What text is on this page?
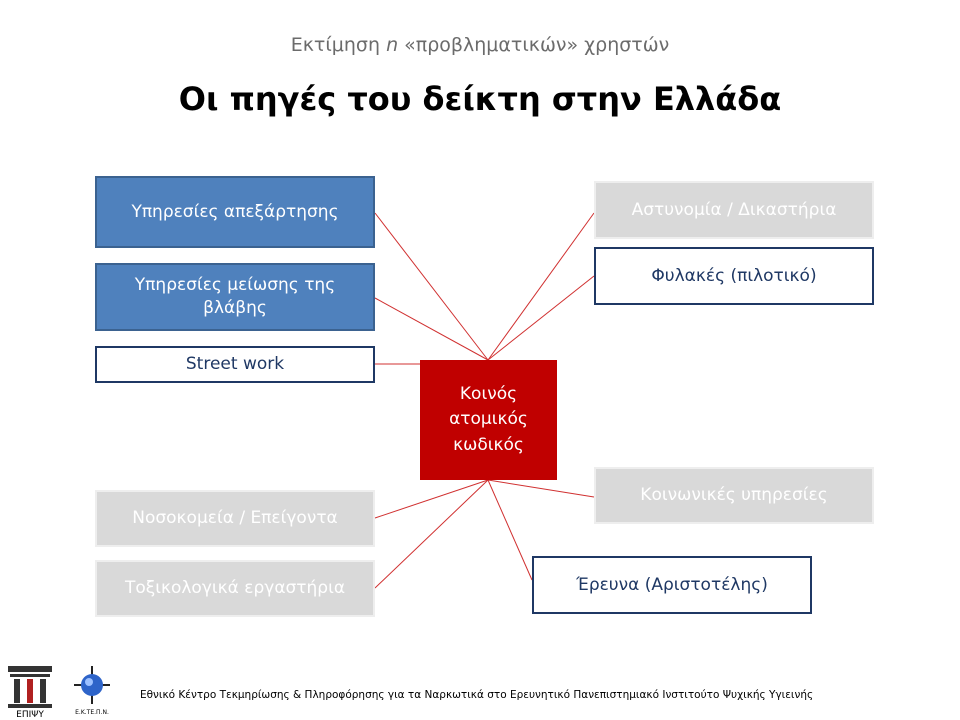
Εκτίμηση n «προβληματικών» χρηστών
Οι πηγές του δείκτη στην Ελλάδα
Υπηρεσίες απεξάρτησης
Υπηρεσίες μείωσης της
βλάβης
Street work
Κοινός
ατομικός
κωδικός
Νοσοκομεία / Επείγοντα
Τοξικολογικά εργαστήρια
Αστυνομία / Δικαστήρια
Φυλακές (πιλοτικό)
Κοινωνικές υπηρεσίες
Έρευνα (Αριστοτέλης)
ΕΠΙΨΥ	Ε.Κ.ΤΕ.Π.Ν.
Εθνικό Κέντρο Τεκμηρίωσης & Πληροφόρησης για τα Ναρκωτικά στο Ερευνητικό Πανεπιστημιακό Ινστιτούτο Ψυχικής Υγιεινής
